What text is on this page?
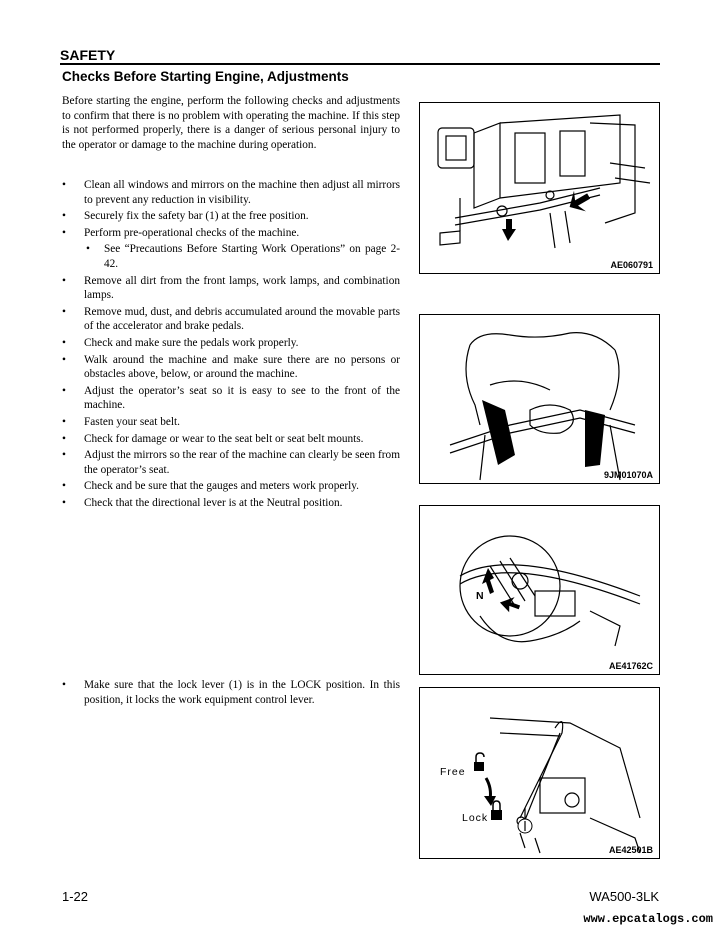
SAFETY
Checks Before Starting Engine, Adjustments

Before starting the engine, perform the following checks and adjustments to confirm that there is no problem with operating the machine. If this step is not performed properly, there is a danger of serious personal injury to the operator or damage to the machine during operation.

• Clean all windows and mirrors on the machine then adjust all mirrors to prevent any reduction in visibility.
• Securely fix the safety bar (1) at the free position.
• Perform pre-operational checks of the machine.
• See “Precautions Before Starting Work Operations” on page 2-42.
• Remove all dirt from the front lamps, work lamps, and combination lamps.
• Remove mud, dust, and debris accumulated around the movable parts of the accelerator and brake pedals.
• Check and make sure the pedals work properly.
• Walk around the machine and make sure there are no persons or obstacles above, below, or around the machine.
• Adjust the operator’s seat so it is easy to see to the front of the machine.
• Fasten your seat belt.
• Check for damage or wear to the seat belt or seat belt mounts.
• Adjust the mirrors so the rear of the machine can clearly be seen from the operator’s seat.
• Check and be sure that the gauges and meters work properly.
• Check that the directional lever is at the Neutral position.
• Make sure that the lock lever (1) is in the LOCK position. In this position, it locks the work equipment control lever.
AE060791
9JM01070A
N
AE41762C
Free
Lock
AE42501B
1-22	WA500-3LK
www.epcatalogs.com
